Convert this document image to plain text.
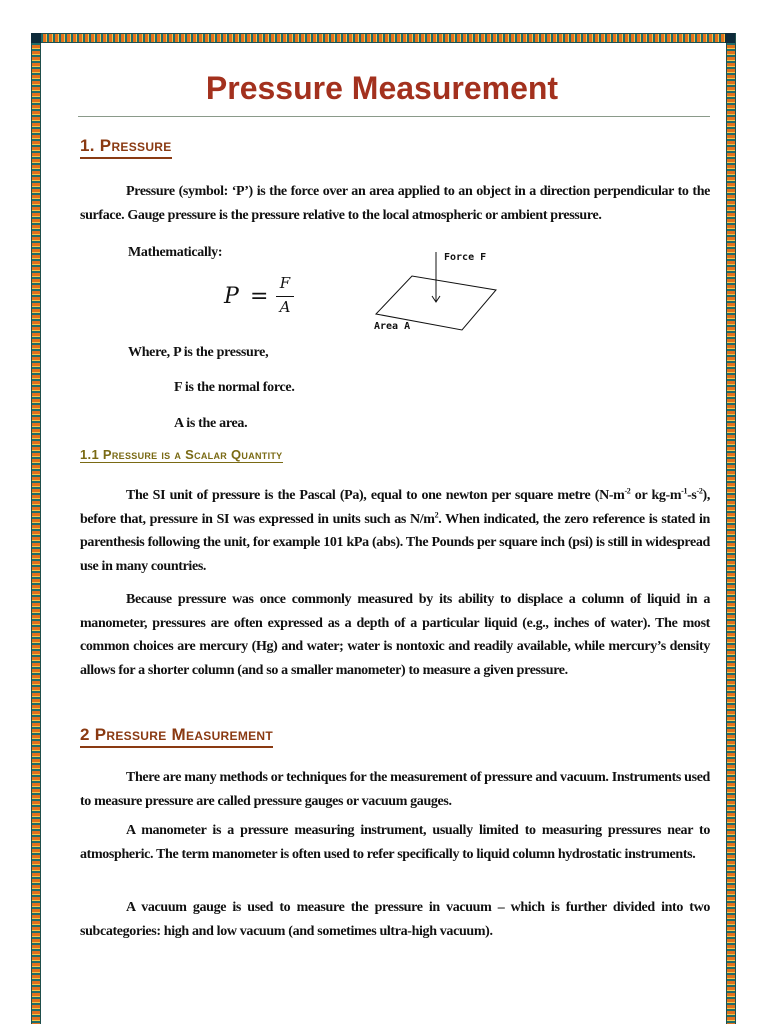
Pressure Measurement
1. Pressure

Pressure (symbol: ‘P’) is the force over an area applied to an object in a direction perpendicular to the surface. Gauge pressure is the pressure relative to the local atmospheric or ambient pressure.

Mathematically:

P =
F
A
Force F
Area A

Where, P is the pressure,

F is the normal force.

A is the area.

1.1 Pressure is a Scalar Quantity

The SI unit of pressure is the Pascal (Pa), equal to one newton per square metre ($N-m^{-2}$ or $kg-m^{-1}-s^{-2}$), before that, pressure in SI was expressed in units such as $N/m^2$. When indicated, the zero reference is stated in parenthesis following the unit, for example 101 kPa (abs). The Pounds per square inch (psi) is still in widespread use in many countries.

Because pressure was once commonly measured by its ability to displace a column of liquid in a manometer, pressures are often expressed as a depth of a particular liquid (e.g., inches of water). The most common choices are mercury (Hg) and water; water is nontoxic and readily available, while mercury’s density allows for a shorter column (and so a smaller manometer) to measure a given pressure.

2 Pressure Measurement

There are many methods or techniques for the measurement of pressure and vacuum. Instruments used to measure pressure are called pressure gauges or vacuum gauges.

A manometer is a pressure measuring instrument, usually limited to measuring pressures near to atmospheric. The term manometer is often used to refer specifically to liquid column hydrostatic instruments.

A vacuum gauge is used to measure the pressure in vacuum – which is further divided into two subcategories: high and low vacuum (and sometimes ultra-high vacuum).
